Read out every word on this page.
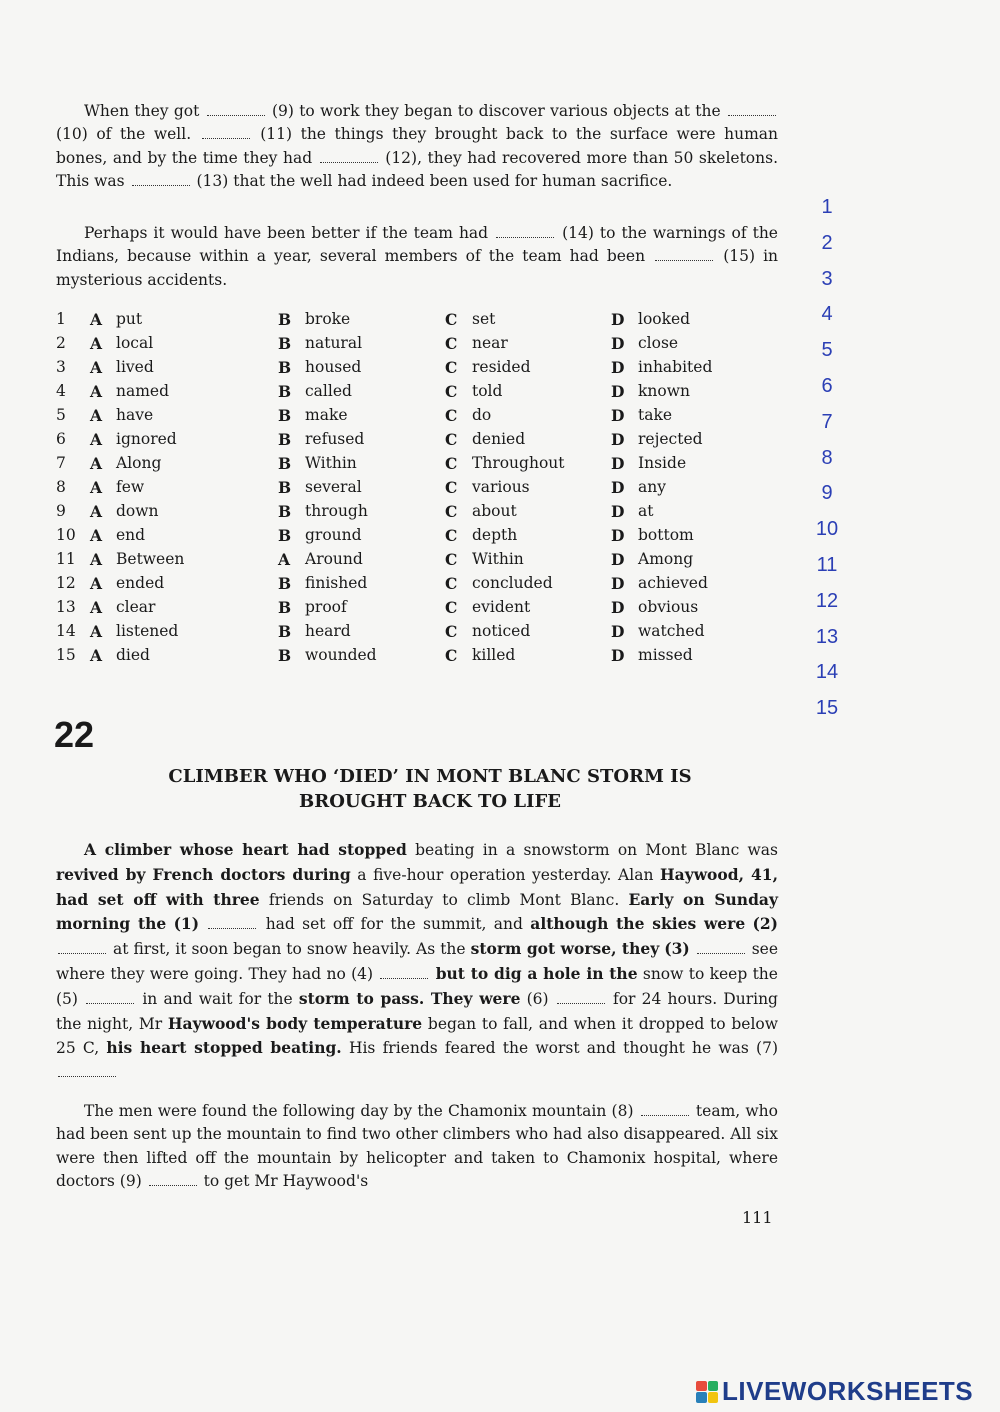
When they got	(9) to work they began to discover various objects at the  (10) of the well.	(11) the things they brought back to the surface were human bones, and by the time they had	(12), they had recovered more than 50 skeletons. This was	(13) that the well had indeed been used for human sacrifice.

Perhaps it would have been better if the team had	(14) to the warnings of the Indians, because within a year, several members of the team had been	(15) in mysterious accidents.

1	A put	B broke	C set	D looked
2	A local	B natural	C near	D close
3	A lived	B housed	C resided	D inhabited
4	A named	B called	C told	D known
5	A have	B make	C do	D take
6	A ignored	B refused	C denied	D rejected
7	A Along	B Within	C Throughout	D Inside
8	A few	B several	C various	D any
9	A down	B through	C about	D at
10 A end	B ground	C depth	D bottom
11 A Between	A Around	C Within	D Among
12 A ended	B finished	C concluded	D achieved
13 A clear	B proof	C evident	D obvious
14 A listened	B heard	C noticed	D watched
15 A died	B wounded	C killed	D missed
1
2
3
4
5
6
7
8
9
10
11
12
13
14
15
22
CLIMBER WHO ‘DIED’ IN MONT BLANC STORM IS
BROUGHT BACK TO LIFE

A climber whose heart had stopped beating in a snowstorm on Mont Blanc was revived by French doctors during a five-hour operation yesterday. Alan Haywood, 41, had set off with three friends on Saturday to climb Mont Blanc. Early on Sunday morning the (1)	had set off for the summit, and although the skies were (2)  at first, it soon began to snow heavily. As the storm got worse, they (3)	see where they were going. They had no (4)	but to dig a hole in the snow to keep the (5)	in and wait for the storm to pass. They were (6)	for 24 hours. During the night, Mr Haywood's body temperature began to fall, and when it dropped to below 25 C, his heart stopped beating. His friends feared the worst and thought he was (7)

The men were found the following day by the Chamonix mountain (8)	team, who had been sent up the mountain to find two other climbers who had also disappeared. All six were then lifted off the mountain by helicopter and taken to Chamonix hospital, where doctors (9)	to get Mr Haywood's

111
LIVEWORKSHEETS
